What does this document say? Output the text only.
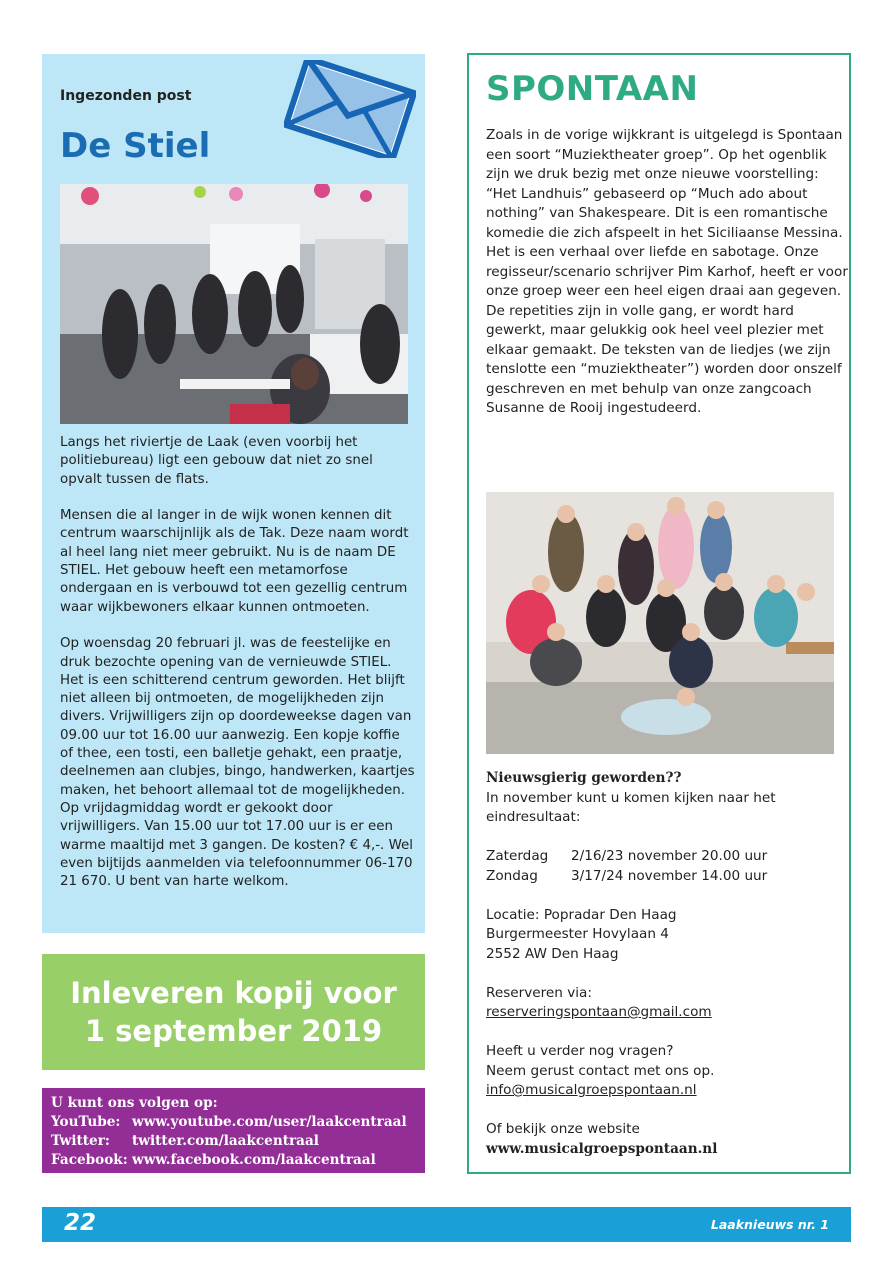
Ingezonden post
De Stiel

Langs het riviertje de Laak (even voorbij het politiebureau) ligt een gebouw dat niet zo snel opvalt tussen de flats.

Mensen die al langer in de wijk wonen kennen dit centrum waarschijnlijk als de Tak. Deze naam wordt al heel lang niet meer gebruikt. Nu is de naam DE STIEL. Het gebouw heeft een metamorfose ondergaan en is verbouwd tot een gezellig centrum waar wijkbewoners elkaar kunnen ontmoeten.

Op woensdag 20 februari jl. was de feestelijke en druk bezochte opening van de vernieuwde STIEL. Het is een schitterend centrum geworden. Het blijft niet alleen bij ontmoeten, de mogelijkheden zijn divers. Vrijwilligers zijn op doordeweekse dagen van 09.00 uur tot 16.00 uur aanwezig. Een kopje koffie of thee, een tosti, een balletje gehakt, een praatje, deelnemen aan clubjes, bingo, handwerken, kaartjes maken, het behoort allemaal tot de mogelijkheden. Op vrijdagmiddag wordt er gekookt door vrijwilligers. Van 15.00 uur tot 17.00 uur is er een warme maaltijd met 3 gangen. De kosten? € 4,-. Wel even bijtijds aanmelden via telefoonnummer 06-170 21 670. U bent van harte welkom.

Inleveren kopij voor
1 september 2019
U kunt ons volgen op:
YouTube: www.youtube.com/user/laakcentraal
Twitter:	twitter.com/laakcentraal
Facebook: www.facebook.com/laakcentraal
SPONTAAN

Zoals in de vorige wijkkrant is uitgelegd is Spontaan een soort “Muziektheater groep”. Op het ogenblik zijn we druk bezig met onze nieuwe voorstelling: “Het Landhuis” gebaseerd op “Much ado about nothing” van Shakespeare. Dit is een romantische komedie die zich afspeelt in het Siciliaanse Messina. Het is een verhaal over liefde en sabotage. Onze regisseur/scenario schrijver Pim Karhof, heeft er voor onze groep weer een heel eigen draai aan gegeven. De repetities zijn in volle gang, er wordt hard gewerkt, maar gelukkig ook heel veel plezier met elkaar gemaakt. De teksten van de liedjes (we zijn tenslotte een “muziektheater”) worden door onszelf geschreven en met behulp van onze zangcoach Susanne de Rooij ingestudeerd.

Nieuwsgierig geworden??
In november kunt u komen kijken naar het eindresultaat:
Zaterdag	2/16/23 november 20.00 uur
Zondag	3/17/24 november 14.00 uur
Locatie: Popradar Den Haag
Burgermeester Hovylaan 4
2552 AW Den Haag
Reserveren via:
reserveringspontaan@gmail.com
Heeft u verder nog vragen?
Neem gerust contact met ons op.
info@musicalgroepspontaan.nl
Of bekijk onze website
www.musicalgroepspontaan.nl
22	Laaknieuws nr. 1
